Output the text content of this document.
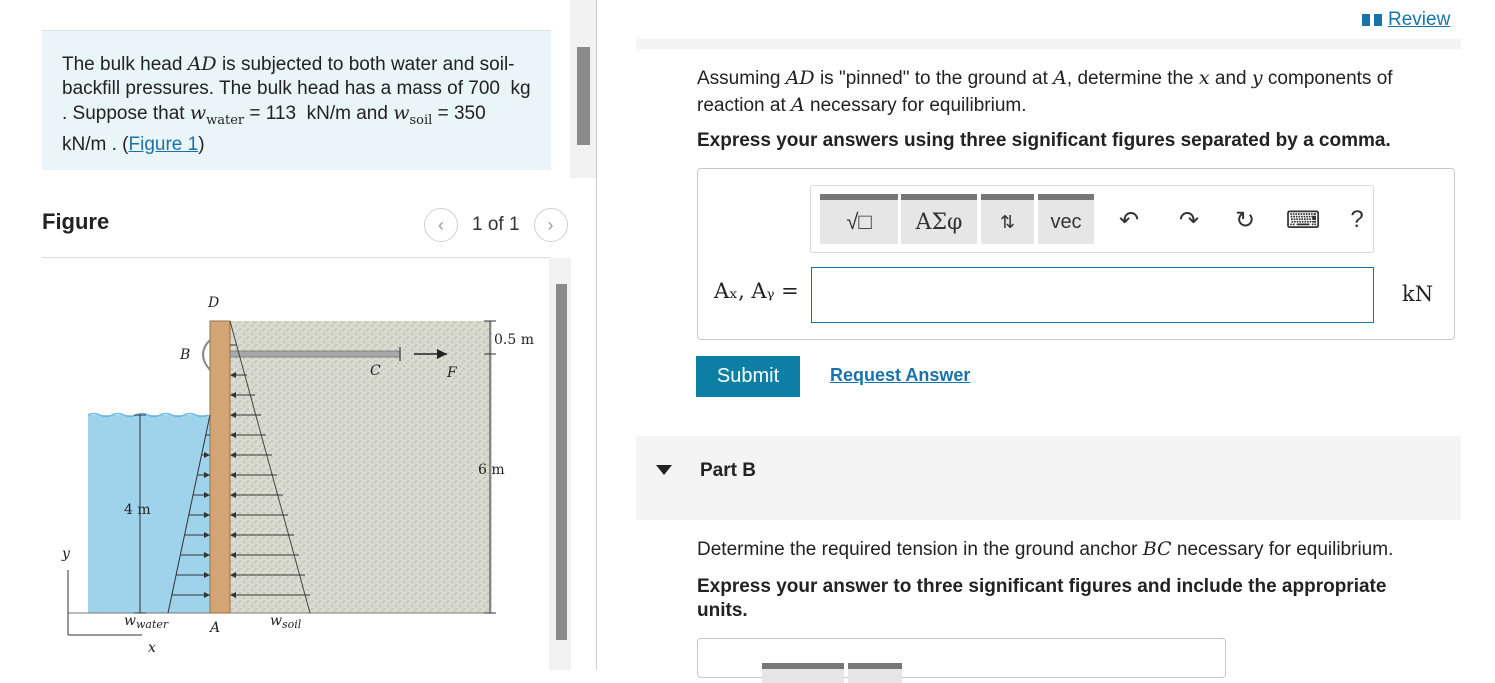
The bulk head AD is subjected to both water and soil-backfill pressures. The bulk head has a mass of 700  kg . Suppose that $w_{water} = 113$  kN/m and $w_{soil} = 350$  kN/m . (Figure 1)
Figure	‹ 1 of 1 ›
D
B
C	F
A
0.5 m
6 m
4 m
y
x
$w_{water}$	$w_{soil}$
Review
Assuming AD is "pinned" to the ground at A, determine the x and y components of reaction at A necessary for equilibrium.
Express your answers using three significant figures separated by a comma.
√□ ΑΣφ ⇅ vec ↶ ↷ ↻ ⌨ ?
Aₓ, Aᵧ =	kN
Submit	Request Answer
Part B
Determine the required tension in the ground anchor BC necessary for equilibrium.
Express your answer to three significant figures and include the appropriate units.
